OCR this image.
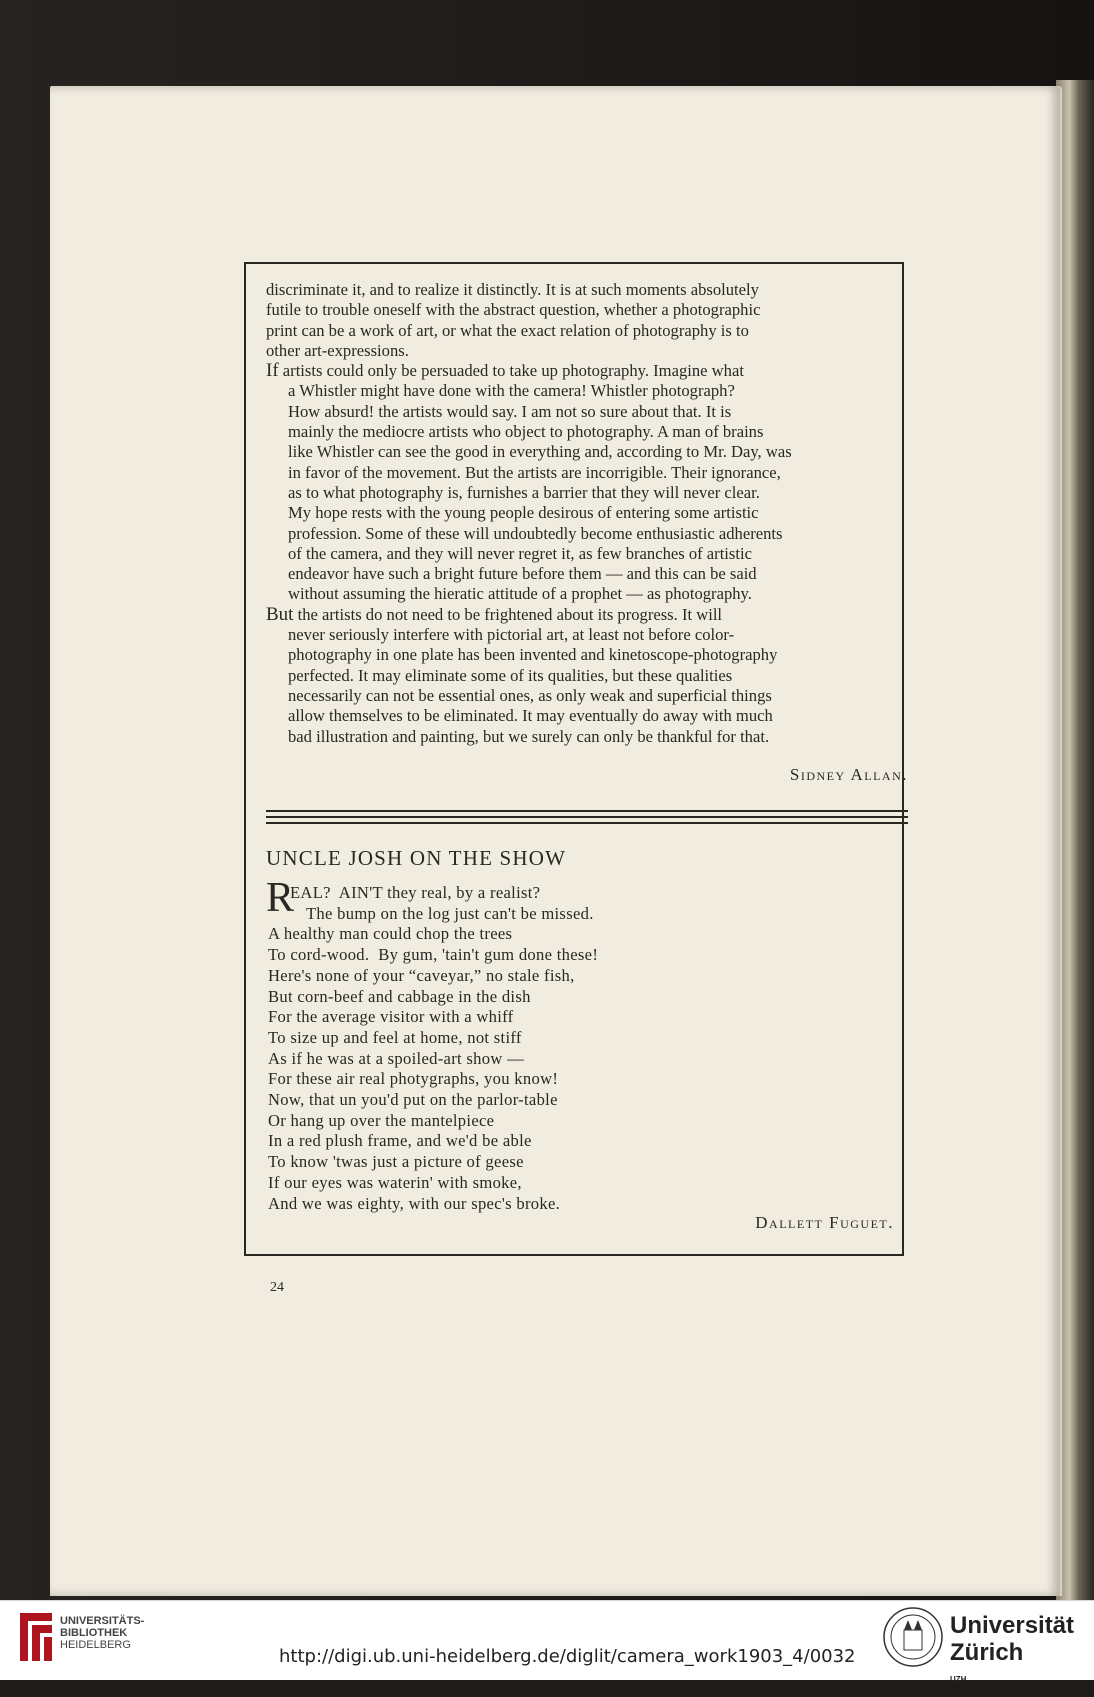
discriminate it, and to realize it distinctly. It is at such moments absolutely
futile to trouble oneself with the abstract question, whether a photographic
print can be a work of art, or what the exact relation of photography is to
other art-expressions.
If artists could only be persuaded to take up photography. Imagine what
a Whistler might have done with the camera! Whistler photograph?
How absurd! the artists would say. I am not so sure about that. It is
mainly the mediocre artists who object to photography. A man of brains
like Whistler can see the good in everything and, according to Mr. Day, was
in favor of the movement. But the artists are incorrigible. Their ignorance,
as to what photography is, furnishes a barrier that they will never clear.
My hope rests with the young people desirous of entering some artistic
profession. Some of these will undoubtedly become enthusiastic adherents
of the camera, and they will never regret it, as few branches of artistic
endeavor have such a bright future before them — and this can be said
without assuming the hieratic attitude of a prophet — as photography.
But the artists do not need to be frightened about its progress. It will
never seriously interfere with pictorial art, at least not before color-
photography in one plate has been invented and kinetoscope-photography
perfected. It may eliminate some of its qualities, but these qualities
necessarily can not be essential ones, as only weak and superficial things
allow themselves to be eliminated. It may eventually do away with much
bad illustration and painting, but we surely can only be thankful for that.
Sidney Allan.
UNCLE JOSH ON THE SHOW
R
EAL?  AIN'T they real, by a realist?
The bump on the log just can't be missed.
A healthy man could chop the trees
To cord-wood.  By gum, 'tain't gum done these!
Here's none of your “caveyar,” no stale fish,
But corn-beef and cabbage in the dish
For the average visitor with a whiff
To size up and feel at home, not stiff
As if he was at a spoiled-art show —
For these air real photygraphs, you know!
Now, that un you'd put on the parlor-table
Or hang up over the mantelpiece
In a red plush frame, and we'd be able
To know 'twas just a picture of geese
If our eyes was waterin' with smoke,
And we was eighty, with our spec's broke.
Dallett Fuguet.
24
UNIVERSITÄTS-
BIBLIOTHEK
HEIDELBERG
http://digi.ub.uni-heidelberg.de/diglit/camera_work1903_4/0032
Universität
Zürich
$^{UZH}$
